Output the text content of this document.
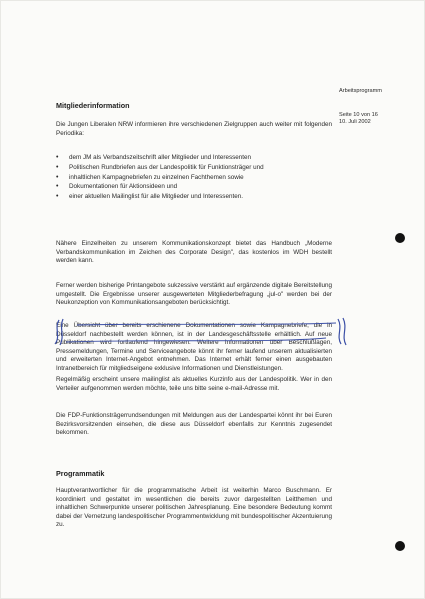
Arbeitsprogramm
Seite 10 von 16
10. Juli 2002
Mitgliederinformation

Die Jungen Liberalen NRW informieren ihre verschiedenen Zielgruppen auch weiter mit folgenden Periodika:

• dem JM als Verbandszeitschrift aller Mitglieder und Interessenten
• Politischen Rundbriefen aus der Landespolitik für Funktionsträger und
• inhaltlichen Kampagnebriefen zu einzelnen Fachthemen sowie
• Dokumentationen für Aktionsideen und
• einer aktuellen Mailinglist für alle Mitglieder und Interessenten.

Nähere Einzelheiten zu unserem Kommunikationskonzept bietet das Handbuch „Moderne Verbandskommunikation im Zeichen des Corporate Design", das kostenlos im WDH bestellt werden kann.

Ferner werden bisherige Printangebote sukzessive verstärkt auf ergänzende digitale Bereitstellung umgestellt. Die Ergebnisse unserer ausgewerteten Mitgliederbefragung „jul-o" werden bei der Neukonzeption von Kommunikationsangeboten berücksichtigt.

Eine Übersicht über bereits erschienene Dokumentationen sowie Kampagnebriefe, die in Düsseldorf nachbestellt werden können, ist in der Landesgeschäftsstelle erhältlich. Auf neue Publikationen wird fortlaufend hingewiesen. Weitere Informationen über Beschlußlagen, Pressemeldungen, Termine und Serviceangebote könnt ihr ferner laufend unserem aktualisierten und erweiterten Internet-Angebot entnehmen. Das Internet erhält ferner einen ausgebauten Intranetbereich für mitgliedseigene exklusive Informationen und Dienstleistungen.

Regelmäßig erscheint unsere mailinglist als aktuelles Kurzinfo aus der Landespolitik. Wer in den Verteiler aufgenommen werden möchte, teile uns bitte seine e-mail-Adresse mit.

Die FDP-Funktionsträgerrundsendungen mit Meldungen aus der Landespartei könnt ihr bei Euren Bezirksvorsitzenden einsehen, die diese aus Düsseldorf ebenfalls zur Kenntnis zugesendet bekommen.

Programmatik

Hauptverantwortlicher für die programmatische Arbeit ist weiterhin Marco Buschmann. Er koordiniert und gestaltet im wesentlichen die bereits zuvor dargestellten Leitthemen und inhaltlichen Schwerpunkte unserer politischen Jahresplanung. Eine besondere Bedeutung kommt dabei der Vernetzung landespolitischer Programmentwicklung mit bundespolitischer Akzentuierung zu.
